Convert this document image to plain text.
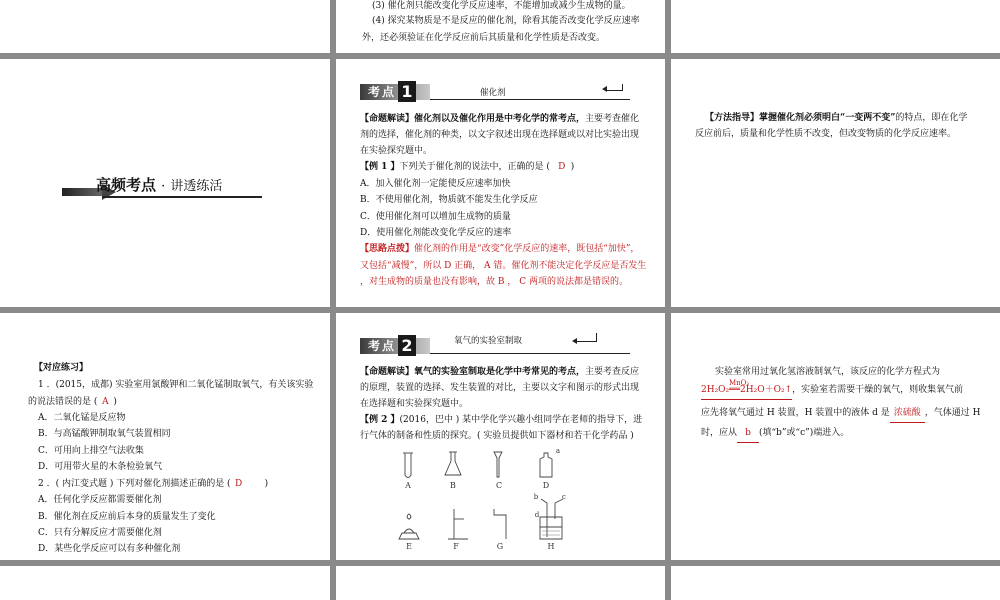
(3) 催化剂只能改变化学反应速率，不能增加或减少生成物的量。
(4) 探究某物质是不是反应的催化剂，除看其能否改变化学反应速率
外，还必须验证在化学反应前后其质量和化学性质是否改变。
高频考点 · 讲透练活
考点 1	催化剂
【命题解读】催化剂以及催化作用是中考化学的常考点，主要考查催化
剂的选择，催化剂的种类，以文字叙述出现在选择题或以对比实验出现
在实验探究题中。
【例 1 】下列关于催化剂的说法中，正确的是 ( D )
A．加入催化剂一定能使反应速率加快
B．不使用催化剂，物质就不能发生化学反应
C．使用催化剂可以增加生成物的质量
D．使用催化剂能改变化学反应的速率
【思路点拨】催化剂的作用是“改变”化学反应的速率，既包括“加快”，
又包括“减慢”，所以 D 正确， A 错。催化剂不能决定化学反应是否发生
，对生成物的质量也没有影响，故 B ， C 两项的说法都是错误的。
【方法指导】掌握催化剂必须明白“一变两不变”的特点，即在化学
反应前后，质量和化学性质不改变，但改变物质的化学反应速率。
【对应练习】
1 ．(2015，成都) 实验室用氯酸钾和二氧化锰制取氧气，有关该实验
的说法错误的是 ( A )
A．二氧化锰是反应物
B．与高锰酸钾制取氧气装置相同
C．可用向上排空气法收集
D．可用带火星的木条检验氧气
2 ．( 内江变式题 ) 下列对催化剂描述正确的是 ( D )
A．任何化学反应都需要催化剂
B．催化剂在反应前后本身的质量发生了变化
C．只有分解反应才需要催化剂
D．某些化学反应可以有多种催化剂
考点 2	氧气的实验室制取
【命题解读】氧气的实验室制取是化学中考常见的考点，主要考查反应
的原理，装置的选择、发生装置的对比，主要以文字和图示的形式出现
在选择题和实验探究题中。
【例 2 】(2016，巴中 ) 某中学化学兴趣小组同学在老师的指导下，进
行气体的制备和性质的探究。( 实验员提供如下器材和若干化学药品 )
A	B	C	D
E	F	G	H
a
b	c
d
实验室常用过氧化氢溶液制氧气，该反应的化学方程式为
MnO₂
2H₂O₂══2H₂O＋O₂↑，实验室若需要干燥的氧气，则收集氧气前
应先将氧气通过 H 装置，H 装置中的液体 d 是 浓硫酸 ，气体通过 H
时，应从 b (填“b”或“c”)端进入。
